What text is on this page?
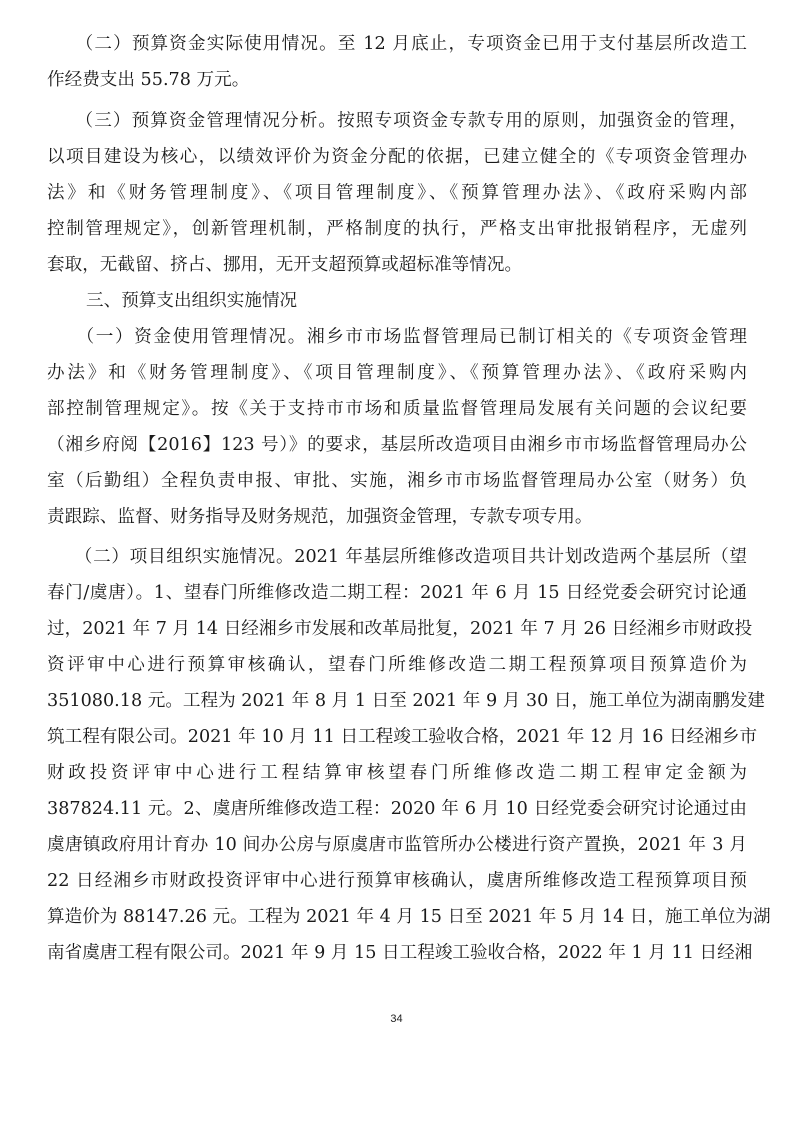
　　（二）预算资金实际使用情况。至 12 月底止，专项资金已用于支付基层所改造工
作经费支出 55.78 万元。
　　（三）预算资金管理情况分析。按照专项资金专款专用的原则，加强资金的管理，
以项目建设为核心，以绩效评价为资金分配的依据，已建立健全的《专项资金管理办
法》和《财务管理制度》、《项目管理制度》、《预算管理办法》、《政府采购内部
控制管理规定》，创新管理机制，严格制度的执行，严格支出审批报销程序，无虚列
套取，无截留、挤占、挪用，无开支超预算或超标准等情况。
三、预算支出组织实施情况
　　（一）资金使用管理情况。湘乡市市场监督管理局已制订相关的《专项资金管理
办法》和《财务管理制度》、《项目管理制度》、《预算管理办法》、《政府采购内
部控制管理规定》。按《关于支持市市场和质量监督管理局发展有关问题的会议纪要
（湘乡府阅【2016】123 号）》的要求，基层所改造项目由湘乡市市场监督管理局办公
室（后勤组）全程负责申报、审批、实施，湘乡市市场监督管理局办公室（财务）负
责跟踪、监督、财务指导及财务规范，加强资金管理，专款专项专用。
　　（二）项目组织实施情况。2021 年基层所维修改造项目共计划改造两个基层所（望
春门/虞唐）。1、望春门所维修改造二期工程：2021 年 6 月 15 日经党委会研究讨论通
过，2021 年 7 月 14 日经湘乡市发展和改革局批复，2021 年 7 月 26 日经湘乡市财政投
资评审中心进行预算审核确认，望春门所维修改造二期工程预算项目预算造价为
351080.18 元。工程为 2021 年 8 月 1 日至 2021 年 9 月 30 日，施工单位为湖南鹏发建
筑工程有限公司。2021 年 10 月 11 日工程竣工验收合格，2021 年 12 月 16 日经湘乡市
财政投资评审中心进行工程结算审核望春门所维修改造二期工程审定金额为
387824.11 元。2、虞唐所维修改造工程：2020 年 6 月 10 日经党委会研究讨论通过由
虞唐镇政府用计育办 10 间办公房与原虞唐市监管所办公楼进行资产置换，2021 年 3 月
22 日经湘乡市财政投资评审中心进行预算审核确认，虞唐所维修改造工程预算项目预
算造价为 88147.26 元。工程为 2021 年 4 月 15 日至 2021 年 5 月 14 日，施工单位为湖
南省虞唐工程有限公司。2021 年 9 月 15 日工程竣工验收合格，2022 年 1 月 11 日经湘
34
